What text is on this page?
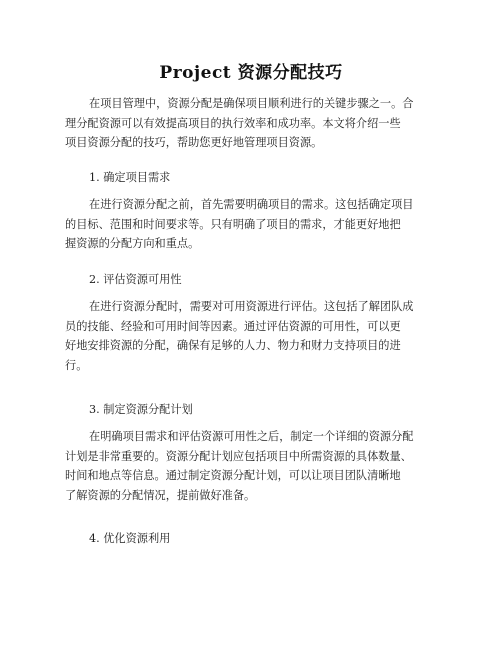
Project 资源分配技巧
在项目管理中，资源分配是确保项目顺利进行的关键步骤之一。合
理分配资源可以有效提高项目的执行效率和成功率。本文将介绍一些
项目资源分配的技巧，帮助您更好地管理项目资源。
1. 确定项目需求
在进行资源分配之前，首先需要明确项目的需求。这包括确定项目
的目标、范围和时间要求等。只有明确了项目的需求，才能更好地把
握资源的分配方向和重点。
2. 评估资源可用性
在进行资源分配时，需要对可用资源进行评估。这包括了解团队成
员的技能、经验和可用时间等因素。通过评估资源的可用性，可以更
好地安排资源的分配，确保有足够的人力、物力和财力支持项目的进
行。
3. 制定资源分配计划
在明确项目需求和评估资源可用性之后，制定一个详细的资源分配
计划是非常重要的。资源分配计划应包括项目中所需资源的具体数量、
时间和地点等信息。通过制定资源分配计划，可以让项目团队清晰地
了解资源的分配情况，提前做好准备。
4. 优化资源利用
